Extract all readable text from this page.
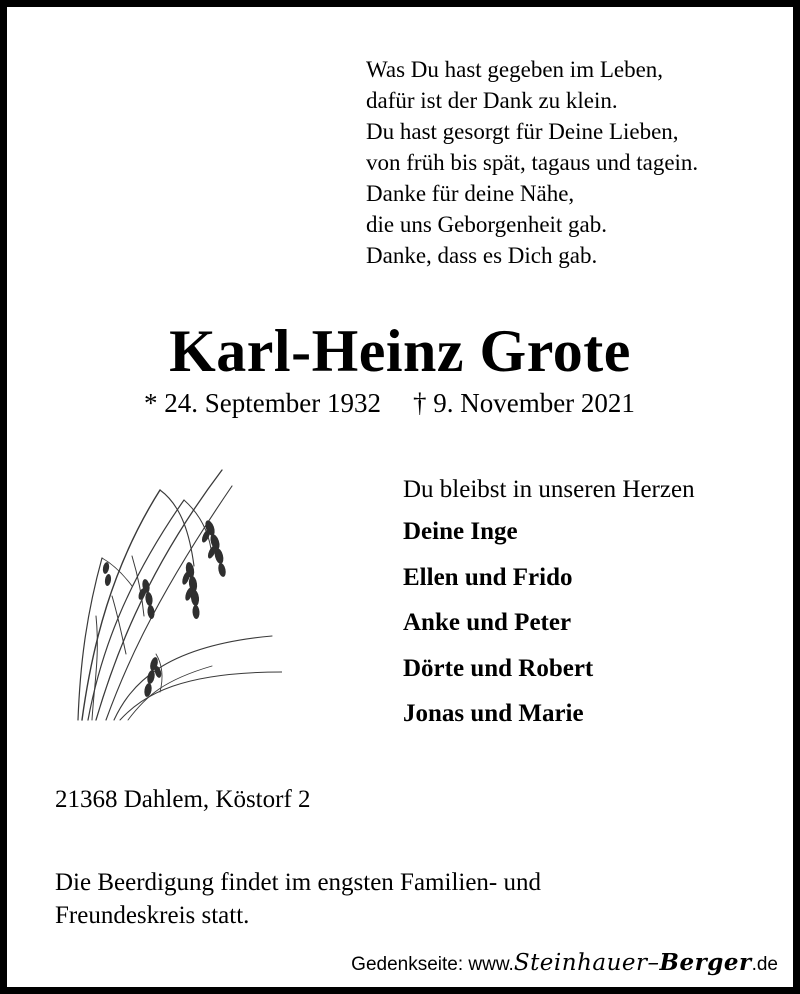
Was Du hast gegeben im Leben,
dafür ist der Dank zu klein.
Du hast gesorgt für Deine Lieben,
von früh bis spät, tagaus und tagein.
Danke für deine Nähe,
die uns Geborgenheit gab.
Danke, dass es Dich gab.
Karl-Heinz Grote
* 24. September 1932 † 9. November 2021
Du bleibst in unseren Herzen
Deine Inge
Ellen und Frido
Anke und Peter
Dörte und Robert
Jonas und Marie
21368 Dahlem, Köstorf 2
Die Beerdigung findet im engsten Familien- und
Freundeskreis statt.
Gedenkseite: www.Steinhauer–Berger.de
